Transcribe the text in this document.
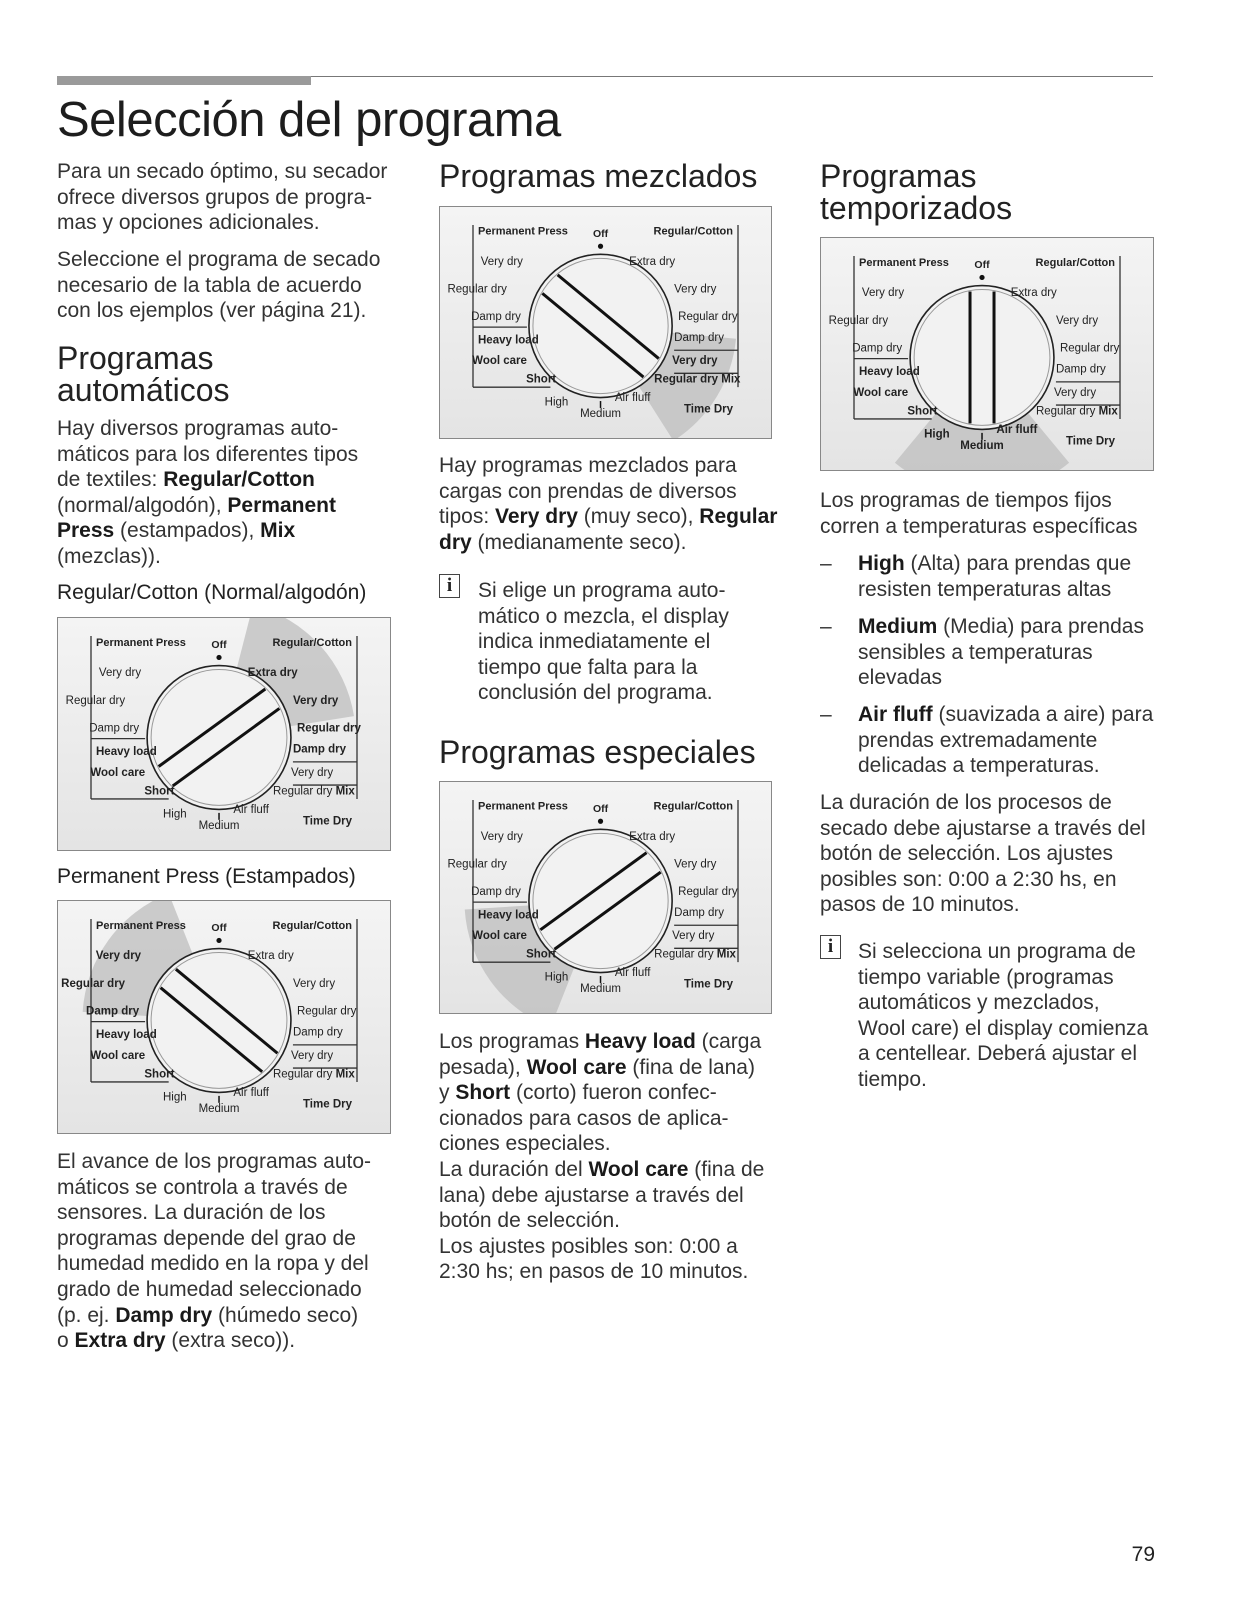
Selección del programa
Para un secado óptimo, su secador
ofrece diversos grupos de progra-
mas y opciones adicionales.
Seleccione el programa de secado
necesario de la tabla de acuerdo
con los ejemplos (ver página 21).
Programas
automáticos
Hay diversos programas auto-
máticos para los diferentes tipos
de textiles: Regular/Cotton
(normal/algodón), Permanent
Press (estampados), Mix
(mezclas)).
Regular/Cotton (Normal/algodón)
Permanent Press (Estampados)
El avance de los programas auto-
máticos se controla a través de
sensores. La duración de los
programas depende del grao de
humedad medido en la ropa y del
grado de humedad seleccionado
(p. ej. Damp dry (húmedo seco)
o Extra dry (extra seco)).
Permanent Press Off	Regular/Cotton
Very dry
Regular dry
Damp dry
Heavy load
Wool care
Short
High
Medium
Air fluff
Time Dry
Extra dry
Very dry
Regular dry
Damp dry
Very dry
Regular dry Mix
Permanent Press Off	Regular/Cotton
Very dry
Regular dry
Damp dry
Heavy load
Wool care
Short
High
Medium
Air fluff
Time Dry
Extra dry
Very dry
Regular dry
Damp dry
Very dry
Regular dry Mix
Permanent Press Off	Regular/Cotton
Very dry
Regular dry
Damp dry
Heavy load
Wool care
Short
High
Medium
Air fluff
Time Dry
Extra dry
Very dry
Regular dry
Damp dry
Very dry
Regular dry Mix
Permanent Press Off	Regular/Cotton
Very dry
Regular dry
Damp dry
Heavy load
Wool care
Short
High
Medium
Air fluff
Time Dry
Extra dry
Very dry
Regular dry
Damp dry
Very dry
Regular dry Mix
Permanent Press Off	Regular/Cotton
Very dry
Regular dry
Damp dry
Heavy load
Wool care
Short
High
Medium
Air fluff
Time Dry
Extra dry
Very dry
Regular dry
Damp dry
Very dry
Regular dry Mix
Programas mezclados
Hay programas mezclados para
cargas con prendas de diversos
tipos: Very dry (muy seco), Regular
dry (medianamente seco).
i	Si elige un programa auto-
mático o mezcla, el display
indica inmediatamente el
tiempo que falta para la
conclusión del programa.
Programas especiales
Los programas Heavy load (carga
pesada), Wool care (fina de lana)
y Short (corto) fueron confec-
cionados para casos de aplica-
ciones especiales.
La duración del Wool care (fina de
lana) debe ajustarse a través del
botón de selección.
Los ajustes posibles son: 0:00 a
2:30 hs; en pasos de 10 minutos.
Programas
temporizados
Los programas de tiempos fijos
corren a temperaturas específicas
– High (Alta) para prendas que
resisten temperaturas altas
– Medium (Media) para prendas
sensibles a temperaturas
elevadas
– Air fluff (suavizada a aire) para
prendas extremadamente
delicadas a temperaturas.
La duración de los procesos de
secado debe ajustarse a través del
botón de selección. Los ajustes
posibles son: 0:00 a 2:30 hs, en
pasos de 10 minutos.
i	Si selecciona un programa de
tiempo variable (programas
automáticos y mezclados,
Wool care) el display comienza
a centellear. Deberá ajustar el
tiempo.
79
